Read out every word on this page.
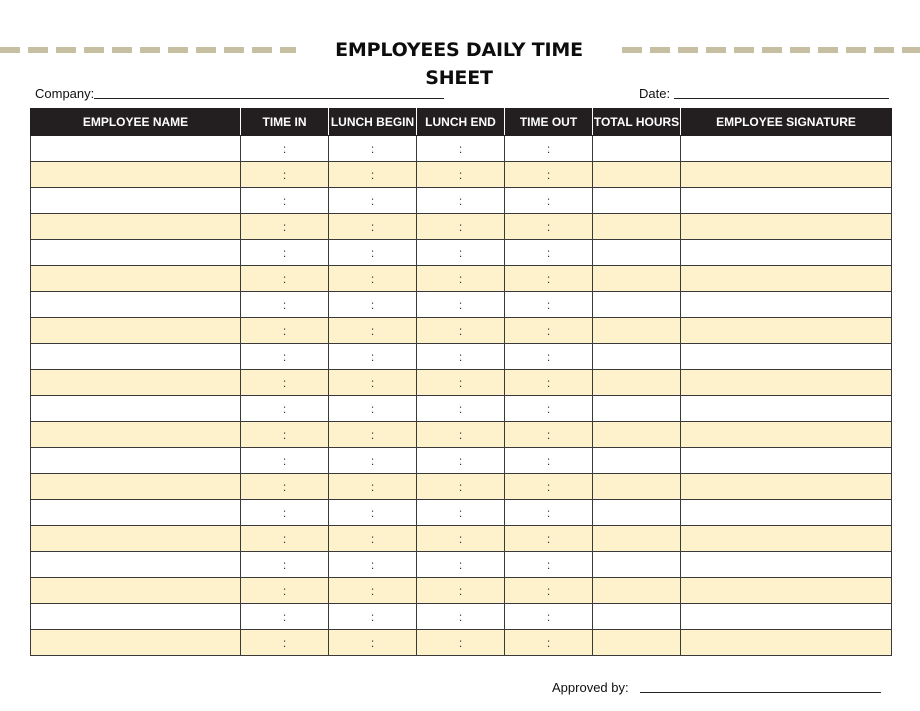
EMPLOYEES DAILY TIME SHEET
Company:	Date:
EMPLOYEE NAME	TIME IN	LUNCH BEGIN	LUNCH END	TIME OUT	TOTAL HOURS	EMPLOYEE SIGNATURE
	:	:	:	:		
	:	:	:	:		
	:	:	:	:		
	:	:	:	:		
	:	:	:	:		
	:	:	:	:		
	:	:	:	:		
	:	:	:	:		
	:	:	:	:		
	:	:	:	:		
	:	:	:	:		
	:	:	:	:		
	:	:	:	:		
	:	:	:	:		
	:	:	:	:		
	:	:	:	:		
	:	:	:	:		
	:	:	:	:		
	:	:	:	:		
	:	:	:	:		
Approved by:
